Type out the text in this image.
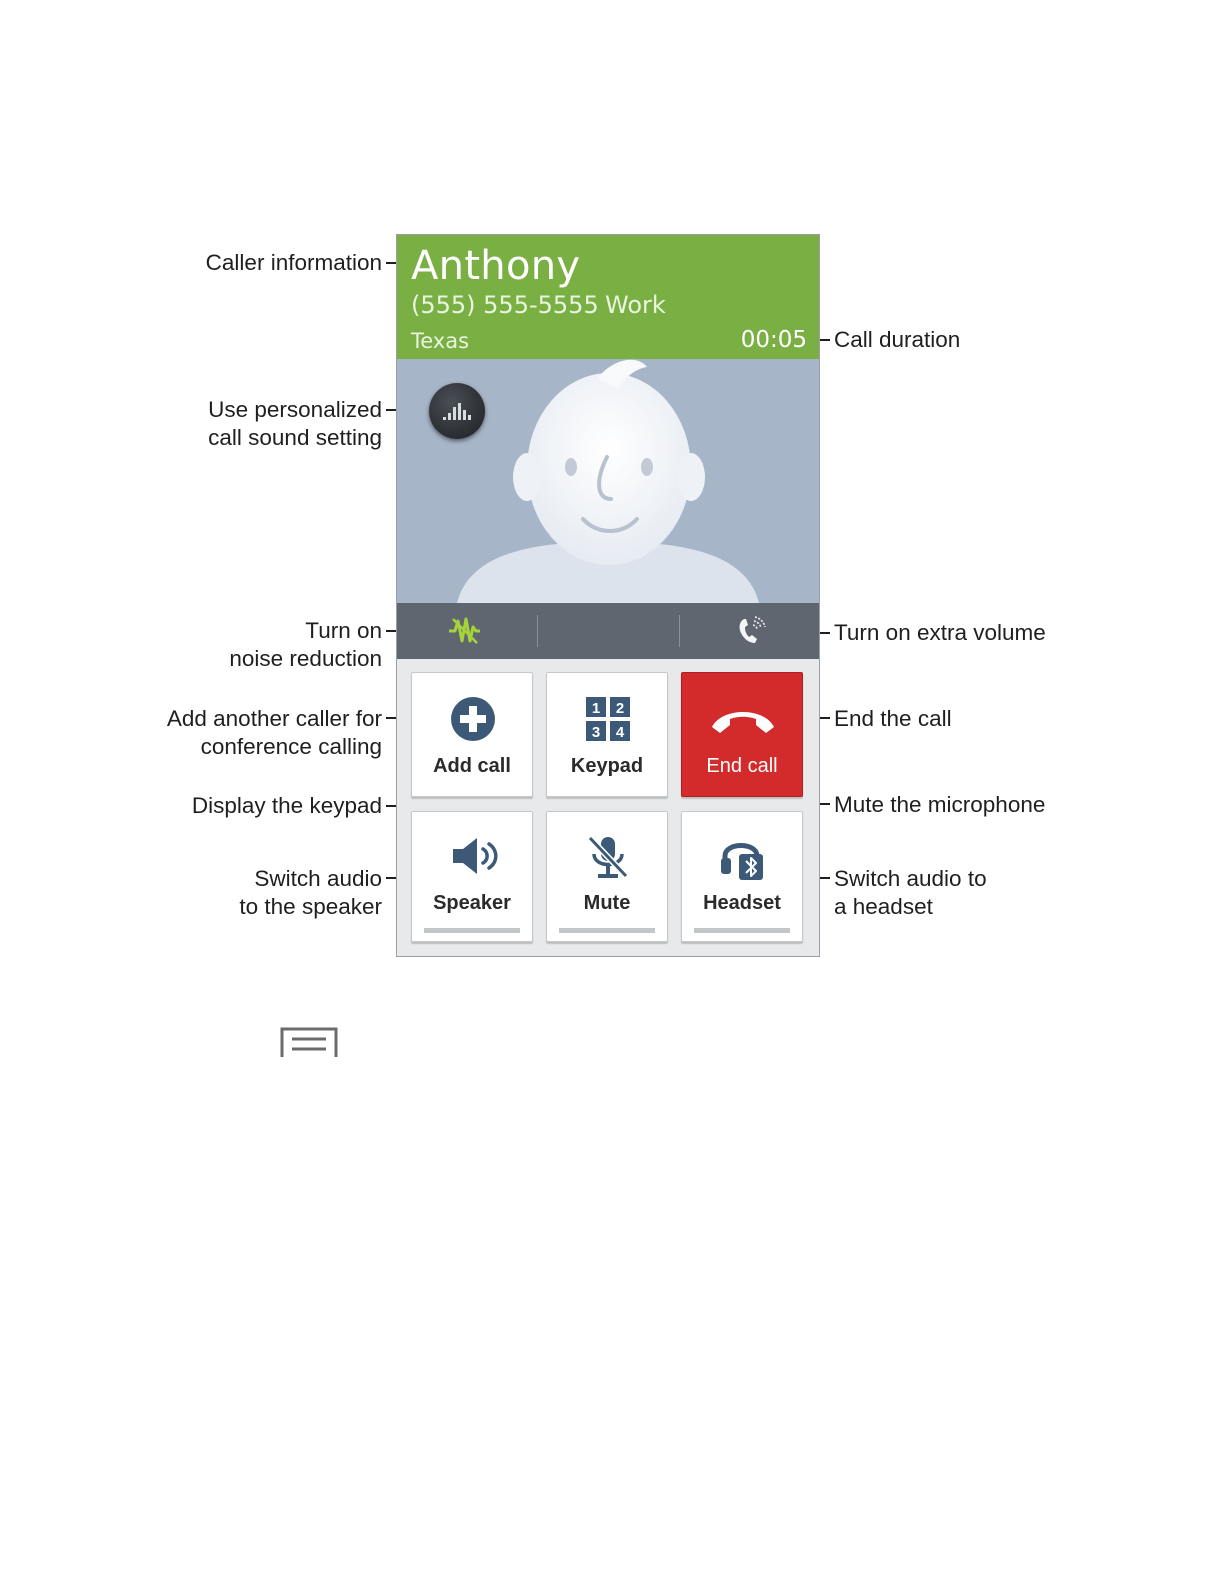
Caller information
Use personalized
call sound setting
Turn on
noise reduction
Add another caller for
conference calling
Display the keypad
Switch audio
to the speaker
Call duration
Turn on extra volume
End the call
Mute the microphone
Switch audio to
a headset
Anthony
(555) 555-5555 Work
Texas	00:05
Add call
1 2
3 4
Keypad	End call
Speaker	Mute	Headset
